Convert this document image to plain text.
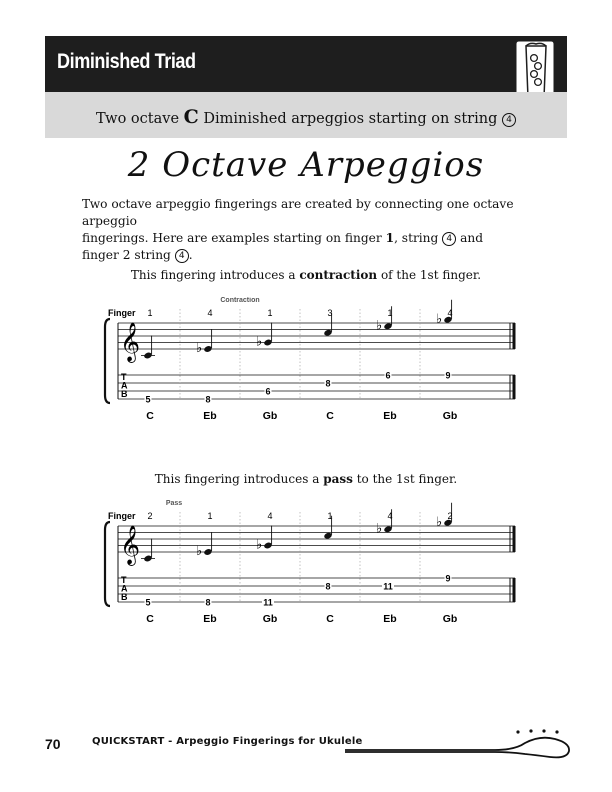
Diminished Triad
Two octave C Diminished arpeggios starting on string 4
2 Octave Arpeggios
Two octave arpeggio fingerings are created by connecting one octave arpeggio
fingerings. Here are examples starting on finger 1, string 4 and
finger 2 string 4 .
This fingering introduces a contraction of the 1st finger.
𝄞
T
A
B
Finger
Contraction
1
5
C
4
♭
8
Eb
1
♭
6
Gb
3
8
C
1
♭
6
Eb
4
♭
9
Gb
This fingering introduces a pass to the 1st finger.
𝄞
T
A
B
Finger
Pass
2
5
C
1
♭
8
Eb
4
♭
11
Gb
1
8
C
4
♭
11
Eb
2
♭
9
Gb
70	QUICKSTART - Arpeggio Fingerings for Ukulele
